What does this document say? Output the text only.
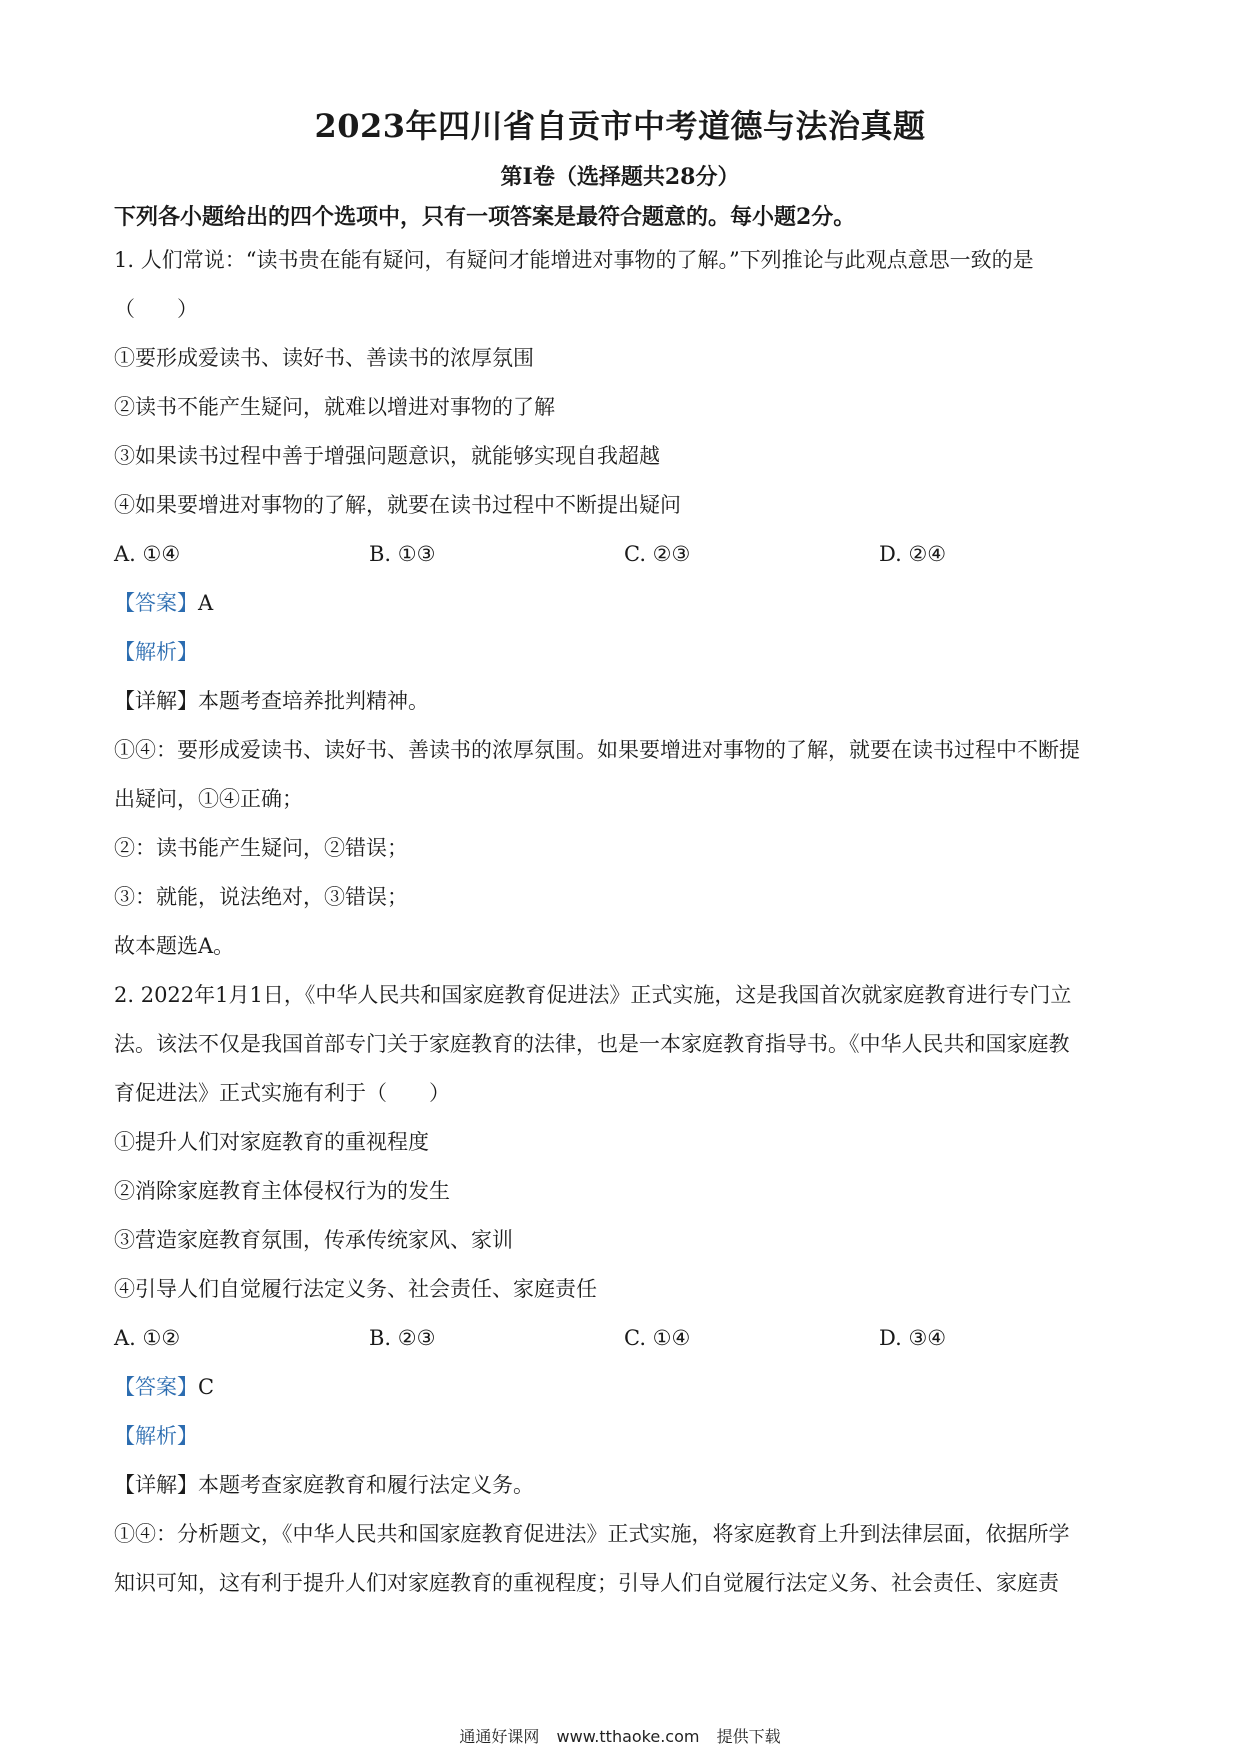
2023年四川省自贡市中考道德与法治真题
第I卷（选择题共28分）
下列各小题给出的四个选项中，只有一项答案是最符合题意的。每小题2分。
1. 人们常说：“读书贵在能有疑问，有疑问才能增进对事物的了解。”下列推论与此观点意思一致的是
（　　）
①要形成爱读书、读好书、善读书的浓厚氛围
②读书不能产生疑问，就难以增进对事物的了解
③如果读书过程中善于增强问题意识，就能够实现自我超越
④如果要增进对事物的了解，就要在读书过程中不断提出疑问
A. ①④	B. ①③	C. ②③	D. ②④
【答案】A
【解析】
【详解】本题考查培养批判精神。
①④：要形成爱读书、读好书、善读书的浓厚氛围。如果要增进对事物的了解，就要在读书过程中不断提
出疑问，①④正确；
②：读书能产生疑问，②错误；
③：就能，说法绝对，③错误；
故本题选A。
2. 2022年1月1日，《中华人民共和国家庭教育促进法》正式实施，这是我国首次就家庭教育进行专门立
法。该法不仅是我国首部专门关于家庭教育的法律，也是一本家庭教育指导书。《中华人民共和国家庭教
育促进法》正式实施有利于（　　）
①提升人们对家庭教育的重视程度
②消除家庭教育主体侵权行为的发生
③营造家庭教育氛围，传承传统家风、家训
④引导人们自觉履行法定义务、社会责任、家庭责任
A. ①②	B. ②③	C. ①④	D. ③④
【答案】C
【解析】
【详解】本题考查家庭教育和履行法定义务。
①④：分析题文，《中华人民共和国家庭教育促进法》正式实施，将家庭教育上升到法律层面，依据所学
知识可知，这有利于提升人们对家庭教育的重视程度；引导人们自觉履行法定义务、社会责任、家庭责
通通好课网 www.tthaoke.com 提供下载
